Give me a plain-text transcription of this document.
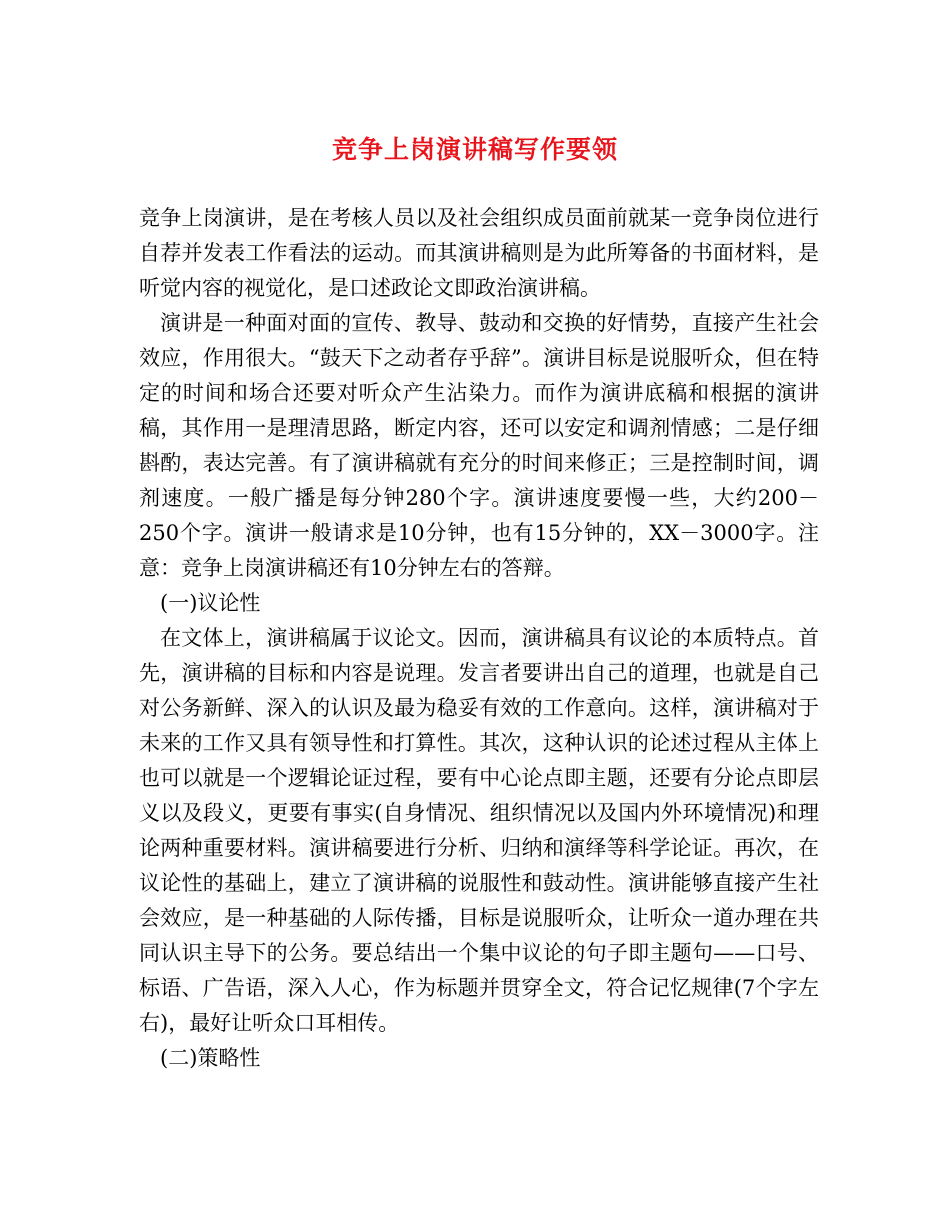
竞争上岗演讲稿写作要领

竞争上岗演讲，是在考核人员以及社会组织成员面前就某一竞争岗位进行自荐并发表工作看法的运动。而其演讲稿则是为此所筹备的书面材料，是听觉内容的视觉化，是口述政论文即政治演讲稿。

演讲是一种面对面的宣传、教导、鼓动和交换的好情势，直接产生社会效应，作用很大。“鼓天下之动者存乎辞”。演讲目标是说服听众，但在特定的时间和场合还要对听众产生沾染力。而作为演讲底稿和根据的演讲稿，其作用一是理清思路，断定内容，还可以安定和调剂情感；二是仔细斟酌，表达完善。有了演讲稿就有充分的时间来修正；三是控制时间，调剂速度。一般广播是每分钟280个字。演讲速度要慢一些，大约200－250个字。演讲一般请求是10分钟，也有15分钟的，XX－3000字。注意：竞争上岗演讲稿还有10分钟左右的答辩。

(一)议论性

在文体上，演讲稿属于议论文。因而，演讲稿具有议论的本质特点。首先，演讲稿的目标和内容是说理。发言者要讲出自己的道理，也就是自己对公务新鲜、深入的认识及最为稳妥有效的工作意向。这样，演讲稿对于未来的工作又具有领导性和打算性。其次，这种认识的论述过程从主体上也可以就是一个逻辑论证过程，要有中心论点即主题，还要有分论点即层义以及段义，更要有事实(自身情况、组织情况以及国内外环境情况)和理论两种重要材料。演讲稿要进行分析、归纳和演绎等科学论证。再次，在议论性的基础上，建立了演讲稿的说服性和鼓动性。演讲能够直接产生社会效应，是一种基础的人际传播，目标是说服听众，让听众一道办理在共同认识主导下的公务。要总结出一个集中议论的句子即主题句——口号、标语、广告语，深入人心，作为标题并贯穿全文，符合记忆规律(7个字左右)，最好让听众口耳相传。

(二)策略性
